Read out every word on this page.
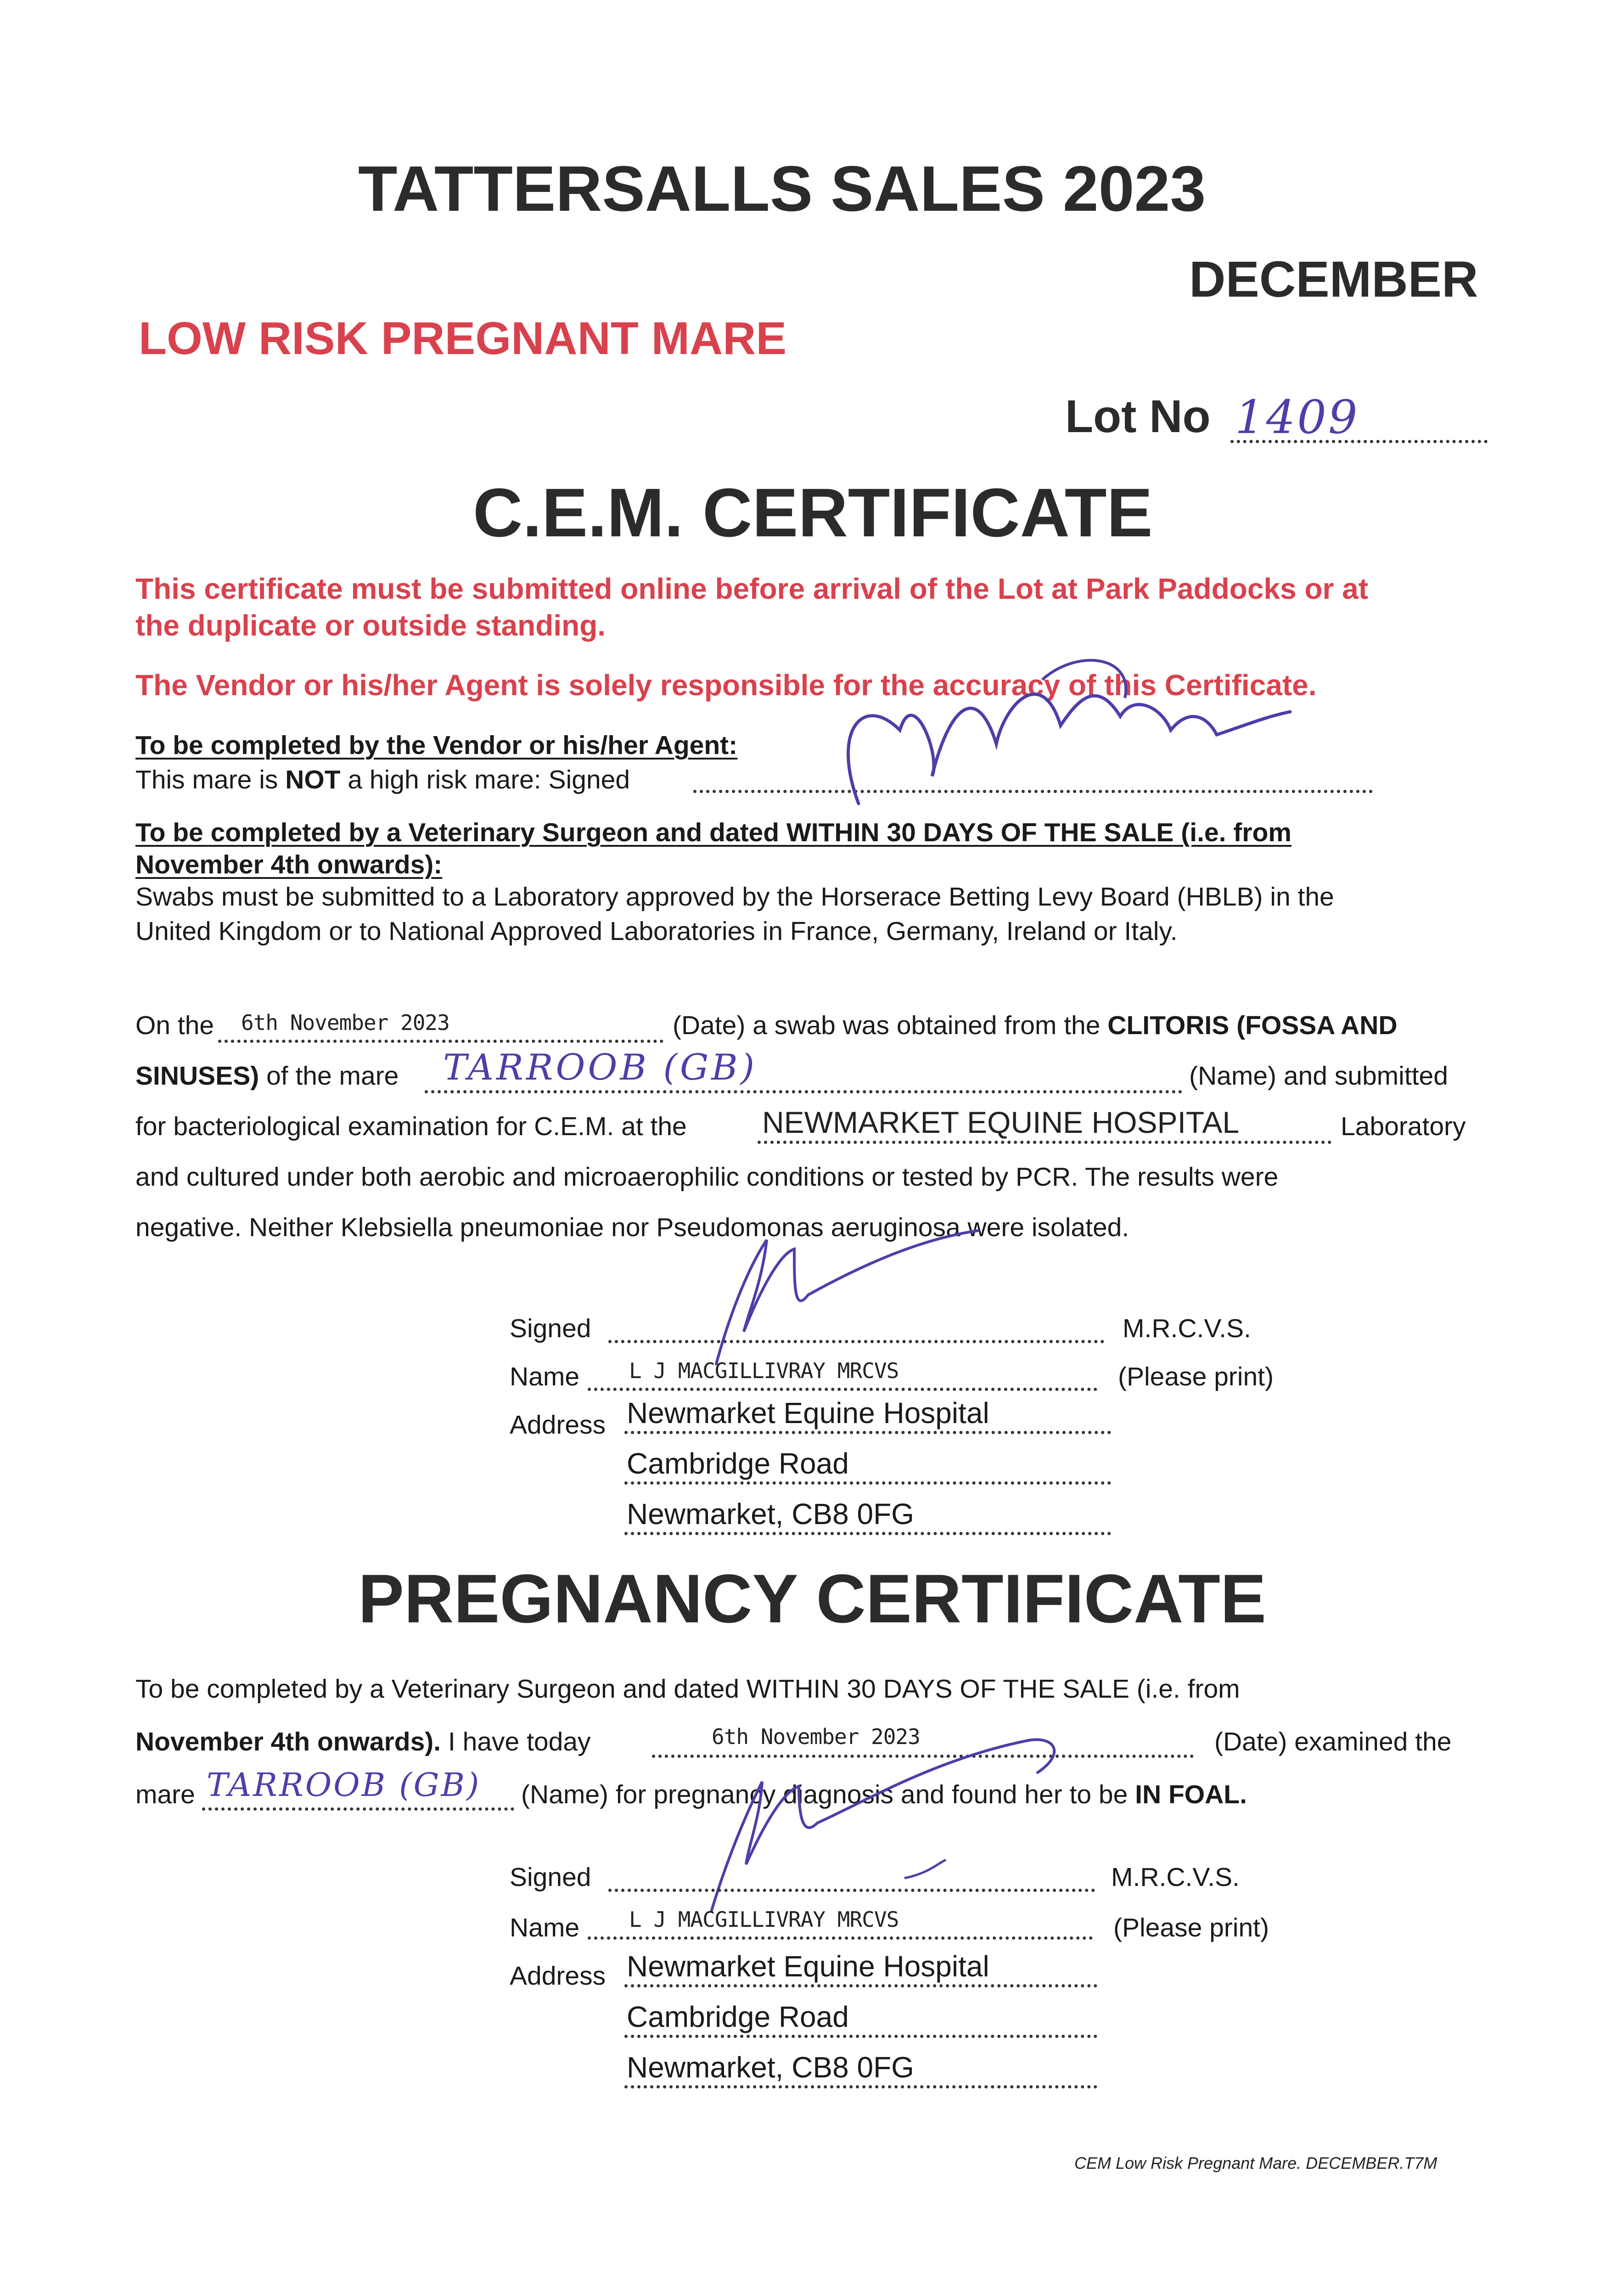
TATTERSALLS SALES 2023
DECEMBER
LOW RISK PREGNANT MARE
Lot No 1409
C.E.M. CERTIFICATE
This certificate must be submitted online before arrival of the Lot at Park Paddocks or at
the duplicate or outside standing.
The Vendor or his/her Agent is solely responsible for the accuracy of this Certificate.
To be completed by the Vendor or his/her Agent:
This mare is NOT a high risk mare: Signed
To be completed by a Veterinary Surgeon and dated WITHIN 30 DAYS OF THE SALE (i.e. from
November 4th onwards):
Swabs must be submitted to a Laboratory approved by the Horserace Betting Levy Board (HBLB) in the
United Kingdom or to National Approved Laboratories in France, Germany, Ireland or Italy.
On the 6th November 2023	(Date) a swab was obtained from the CLITORIS (FOSSA AND
SINUSES) of the mare TARROOB (GB)	(Name) and submitted
for bacteriological examination for C.E.M. at the NEWMARKET EQUINE HOSPITAL	Laboratory
and cultured under both aerobic and microaerophilic conditions or tested by PCR. The results were
negative. Neither Klebsiella pneumoniae nor Pseudomonas aeruginosa were isolated.
Signed	M.R.C.V.S.
Name L J MACGILLIVRAY MRCVS	(Please print)
Address Newmarket Equine Hospital
Cambridge Road
Newmarket, CB8 0FG
PREGNANCY CERTIFICATE
To be completed by a Veterinary Surgeon and dated WITHIN 30 DAYS OF THE SALE (i.e. from
November 4th onwards). I have today	6th November 2023	(Date) examined the
mare TARROOB (GB) (Name) for pregnancy diagnosis and found her to be IN FOAL.
Signed	M.R.C.V.S.
Name L J MACGILLIVRAY MRCVS	(Please print)
Address Newmarket Equine Hospital
Cambridge Road
Newmarket, CB8 0FG
CEM Low Risk Pregnant Mare. DECEMBER.T7M
